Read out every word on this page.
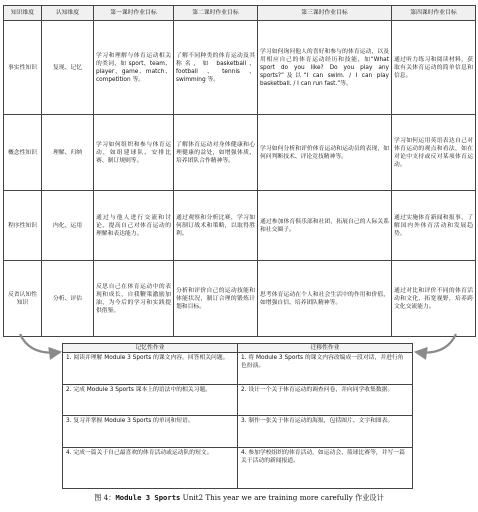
知识维度	认知维度	第一课时作业目标	第二课时作业目标	第三课时作业目标	第四课时作业目标
事实性知识	复现、记忆	学习和理解与体育运动相关的类词，如 sport、team、player、game、match、competition 等。	了解不同种类的体育运动及其称名，如 basketball、football、tennis、swimming 等。	学习如何询问他人的喜好和参与的体育运动，以及用相应自己的体育运动经历和技能，如“What sport do you like? Do you play any sports?”及以“I can swim. / I can play basketball. / I can run fast.”等。	通过听力练习和阅读材料，获取有关体育运动的简单信息和信息。
概念性知识	理解、归纳	学习如何组织和参与体育运动，如组建球队、安排比赛、制订规则等。	了解体育运动对身体健康和心理健康的益处，如增强体质、培养团队合作精神等。	学习如何分析和评价体育运动和运动员的表现，如何问判断技术、评论竞技精神等。	学习如何运用英语表达自己对体育运动的观点和看法，如在对论中支持或反对某项体育运动。
程序性知识	内化、运用	通过与他人进行交流和讨论，提高自己对体育运动的理解和表达能力。	通过观察和分析比赛，学习如何制订战术和策略，以取得胜利。	通过参加体育俱乐部和社团，拓展自己的人际关系和社交圈子。	通过实施体育新闻和报事，了解国内外体育活动和发展趋势。
反省认知性知识	分析、评估	反思自己在体育运动中的表现和成长，自我鞭策激励加油，为今后的学习和实践提供借鉴。	分析和评价自己的运动技能和体能状况，制订合理的锻炼计划和目标。	思考体育运动在个人和社会生活中的作用和价值，如增强自信、培养团队精神等。	通过对比和评价不同的体育活动和文化，拓宽视野，培养跨文化交流能力。
记忆性作业	迁移性作业
1. 阅读并理解 Module 3 Sports 的课文内容，回答相关问题。	1. 将 Module 3 Sports 的课文内容改编成一段对话，并进行角色扮演。
2. 完成 Module 3 Sports 课本上的语法中的相关习题。	2. 设计一个关于体育运动的调查问卷，并向同学收集数据。
3. 复习并掌握 Module 3 Sports 的单词和短语。	3. 制作一张关于体育运动的海报，包括图片、文字和图表。
4. 完成一篇关于自己最喜欢的体育活动或运动队的短文。	4. 参加学校组织的体育活动，如运动会、篮球比赛等，并写一篇关于活动的新闻报道。
图 4：Module 3 Sports Unit2 This year we are training more carefully 作业设计
